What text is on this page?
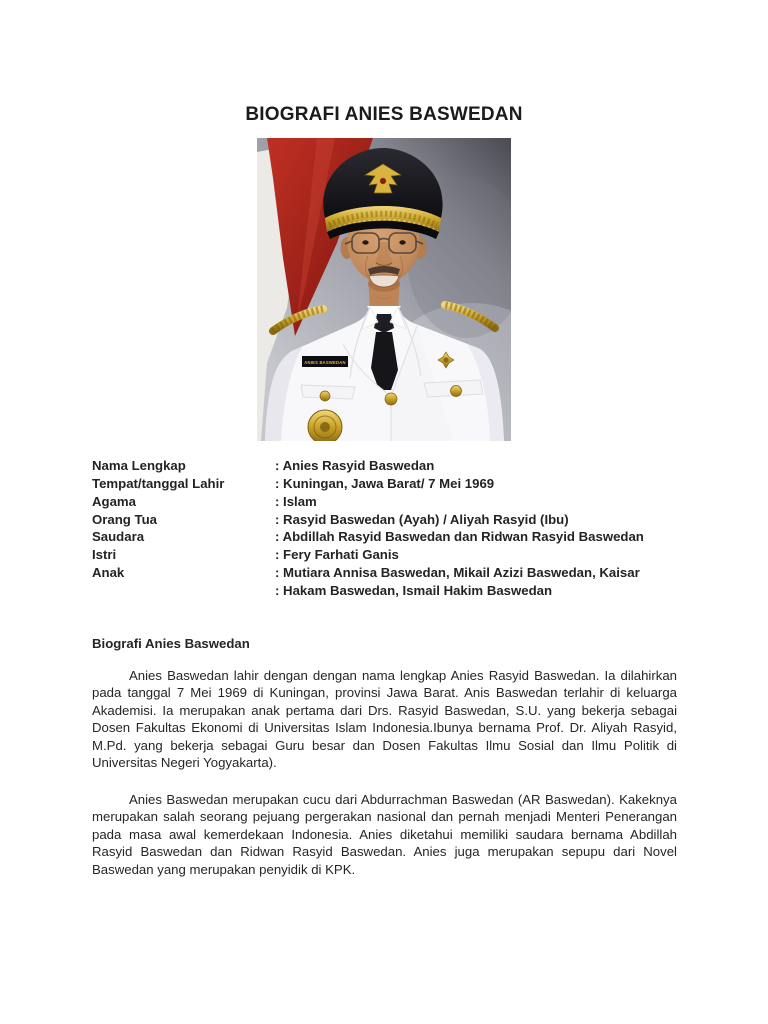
BIOGRAFI ANIES BASWEDAN
ANIES BASWEDAN
Nama Lengkap	: Anies Rasyid Baswedan
Tempat/tanggal Lahir	: Kuningan, Jawa Barat/ 7 Mei 1969
Agama	: Islam
Orang Tua	: Rasyid Baswedan (Ayah) / Aliyah Rasyid (Ibu)
Saudara	: Abdillah Rasyid Baswedan dan Ridwan Rasyid Baswedan
Istri	: Fery Farhati Ganis
Anak	: Mutiara Annisa Baswedan, Mikail Azizi Baswedan, Kaisar
: Hakam Baswedan, Ismail Hakim Baswedan
Biografi Anies Baswedan

Anies Baswedan lahir dengan dengan nama lengkap Anies Rasyid Baswedan. Ia dilahirkan pada tanggal 7 Mei 1969 di Kuningan, provinsi Jawa Barat. Anis Baswedan terlahir di keluarga Akademisi. Ia merupakan anak pertama dari Drs. Rasyid Baswedan, S.U. yang bekerja sebagai Dosen Fakultas Ekonomi di Universitas Islam Indonesia.Ibunya bernama Prof. Dr. Aliyah Rasyid, M.Pd. yang bekerja sebagai Guru besar dan Dosen Fakultas Ilmu Sosial dan Ilmu Politik di Universitas Negeri Yogyakarta).

Anies Baswedan merupakan cucu dari Abdurrachman Baswedan (AR Baswedan). Kakeknya merupakan salah seorang pejuang pergerakan nasional dan pernah menjadi Menteri Penerangan pada masa awal kemerdekaan Indonesia. Anies diketahui memiliki saudara bernama Abdillah Rasyid Baswedan dan Ridwan Rasyid Baswedan. Anies juga merupakan sepupu dari Novel Baswedan yang merupakan penyidik di KPK.
